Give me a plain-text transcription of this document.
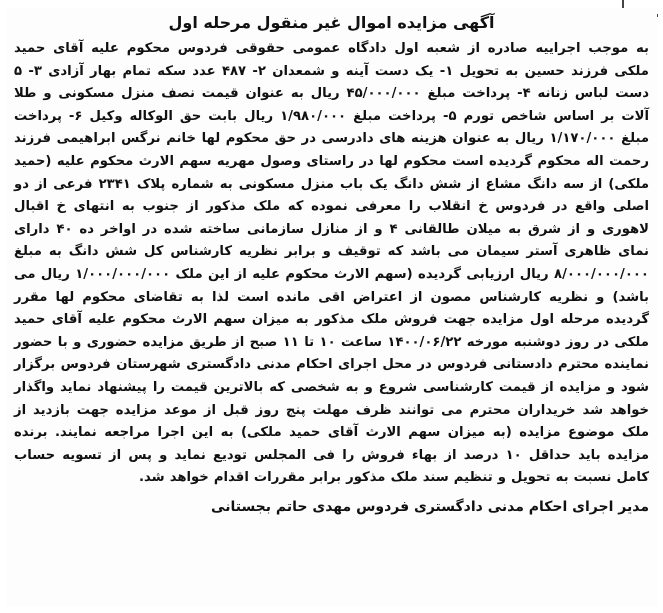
آگهی مزایده اموال غیر منقول مرحله اول

به موجب اجراییه صادره از شعبه اول دادگاه عمومی حقوقی فردوس محکوم علیه آقای حمید ملکی فرزند حسین به تحویل ۱- یک دست آینه و شمعدان ۲- ۴۸۷ عدد سکه تمام بهار آزادی ۳- ۵ دست لباس زنانه ۴- پرداخت مبلغ ۴۵/۰۰۰/۰۰۰ ریال به عنوان قیمت نصف منزل مسکونی و طلا آلات بر اساس شاخص تورم ۵- پرداخت مبلغ ۱/۹۸۰/۰۰۰ ریال بابت حق الوکاله وکیل ۶- پرداخت مبلغ ۱/۱۷۰/۰۰۰ ریال به عنوان هزینه های دادرسی در حق محکوم لها خانم نرگس ابراهیمی فرزند رحمت اله محکوم گردیده است محکوم لها در راستای وصول مهریه سهم الارث محکوم علیه (حمید ملکی) از سه دانگ مشاع از شش دانگ یک باب منزل مسکونی به شماره پلاک ۲۳۴۱ فرعی از دو اصلی واقع در فردوس خ انقلاب را معرفی نموده که ملک مذکور از جنوب به انتهای خ اقبال لاهوری و از شرق به میلان طالقانی ۴ و از منازل سازمانی ساخته شده در اواخر ده ۴۰ دارای نمای ظاهری آستر سیمان می باشد که توقیف و برابر نظریه کارشناس کل شش دانگ به مبلغ ۸/۰۰۰/۰۰۰/۰۰۰ ریال ارزیابی گردیده (سهم الارث محکوم علیه از این ملک ۱/۰۰۰/۰۰۰/۰۰۰ ریال می باشد) و نظریه کارشناس مصون از اعتراض اقی مانده است لذا به تقاضای محکوم لها مقرر گردیده مرحله اول مزایده جهت فروش ملک مذکور به میزان سهم الارث محکوم علیه آقای حمید ملکی در روز دوشنبه مورخه ۱۴۰۰/۰۶/۲۲ ساعت ۱۰ تا ۱۱ صبح از طریق مزایده حضوری و با حضور نماینده محترم دادستانی فردوس در محل اجرای احکام مدنی دادگستری شهرستان فردوس برگزار شود و مزایده از قیمت کارشناسی شروع و به شخصی که بالاترین قیمت را پیشنهاد نماید واگذار خواهد شد خریداران محترم می توانند ظرف مهلت پنج روز قبل از موعد مزایده جهت بازدید از ملک موضوع مزایده (به میزان سهم الارث آقای حمید ملکی) به این اجرا مراجعه نمایند. برنده مزایده باید حداقل ۱۰ درصد از بهاء فروش را فی المجلس تودیع نماید و پس از تسویه حساب کامل نسبت به تحویل و تنظیم سند ملک مذکور برابر مقررات اقدام خواهد شد.

مدیر اجرای احکام مدنی دادگستری فردوس مهدی حاتم بجستانی
